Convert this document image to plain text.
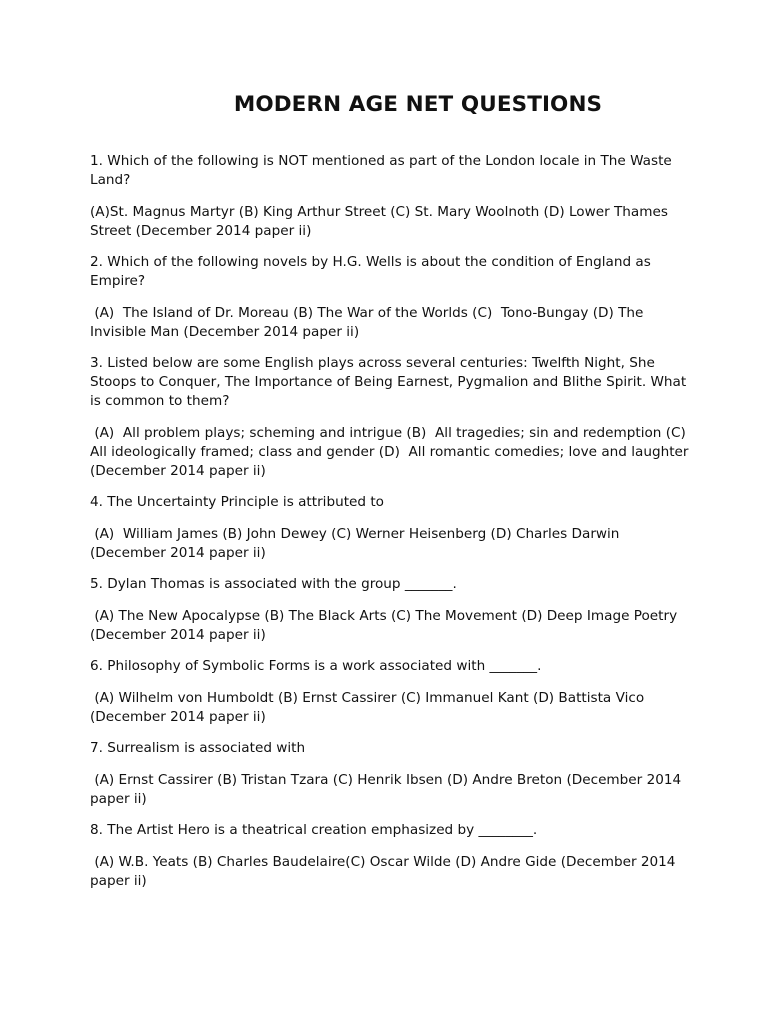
MODERN AGE NET QUESTIONS

1. Which of the following is NOT mentioned as part of the London locale in The Waste Land?

(A)St. Magnus Martyr (B) King Arthur Street (C) St. Mary Woolnoth (D) Lower Thames Street (December 2014 paper ii)

2. Which of the following novels by H.G. Wells is about the condition of England as Empire?

(A)  The Island of Dr. Moreau (B) The War of the Worlds (C)  Tono-Bungay (D) The Invisible Man (December 2014 paper ii)

3. Listed below are some English plays across several centuries: Twelfth Night, She Stoops to Conquer, The Importance of Being Earnest, Pygmalion and Blithe Spirit. What is common to them?

(A)  All problem plays; scheming and intrigue (B)  All tragedies; sin and redemption (C)  All ideologically framed; class and gender (D)  All romantic comedies; love and laughter (December 2014 paper ii)

4. The Uncertainty Principle is attributed to

(A)  William James (B) John Dewey (C) Werner Heisenberg (D) Charles Darwin (December 2014 paper ii)

5. Dylan Thomas is associated with the group _______.

(A) The New Apocalypse (B) The Black Arts (C) The Movement (D) Deep Image Poetry (December 2014 paper ii)

6. Philosophy of Symbolic Forms is a work associated with _______.

(A) Wilhelm von Humboldt (B) Ernst Cassirer (C) Immanuel Kant (D) Battista Vico (December 2014 paper ii)

7. Surrealism is associated with

(A) Ernst Cassirer (B) Tristan Tzara (C) Henrik Ibsen (D) Andre Breton (December 2014 paper ii)

8. The Artist Hero is a theatrical creation emphasized by ________.

(A) W.B. Yeats (B) Charles Baudelaire(C) Oscar Wilde (D) Andre Gide (December 2014 paper ii)
